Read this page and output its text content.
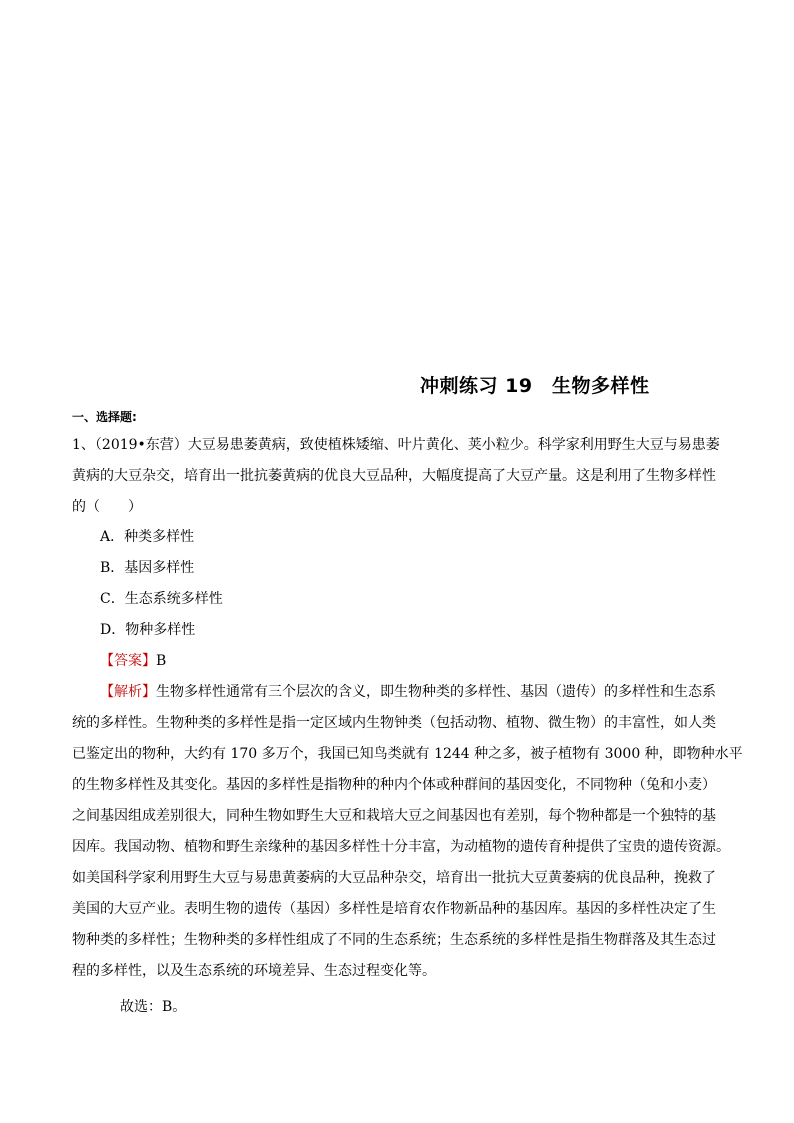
冲刺练习 19　生物多样性
一、选择题:
1、（2019•东营）大豆易患萎黄病，致使植株矮缩、叶片黄化、荚小粒少。科学家利用野生大豆与易患萎
黄病的大豆杂交，培育出一批抗萎黄病的优良大豆品种，大幅度提高了大豆产量。这是利用了生物多样性
的（　　）
A．种类多样性
B．基因多样性
C．生态系统多样性
D．物种多样性
【答案】B
【解析】生物多样性通常有三个层次的含义，即生物种类的多样性、基因（遗传）的多样性和生态系
统的多样性。生物种类的多样性是指一定区域内生物钟类（包括动物、植物、微生物）的丰富性，如人类
已鉴定出的物种，大约有 170 多万个，我国已知鸟类就有 1244 种之多，被子植物有 3000 种，即物种水平
的生物多样性及其变化。基因的多样性是指物种的种内个体或种群间的基因变化，不同物种（兔和小麦）
之间基因组成差别很大，同种生物如野生大豆和栽培大豆之间基因也有差别，每个物种都是一个独特的基
因库。我国动物、植物和野生亲缘种的基因多样性十分丰富，为动植物的遗传育种提供了宝贵的遗传资源。
如美国科学家利用野生大豆与易患黄萎病的大豆品种杂交，培育出一批抗大豆黄萎病的优良品种，挽救了
美国的大豆产业。表明生物的遗传（基因）多样性是培育农作物新品种的基因库。基因的多样性决定了生
物种类的多样性；生物种类的多样性组成了不同的生态系统；生态系统的多样性是指生物群落及其生态过
程的多样性，以及生态系统的环境差异、生态过程变化等。
故选：B。
